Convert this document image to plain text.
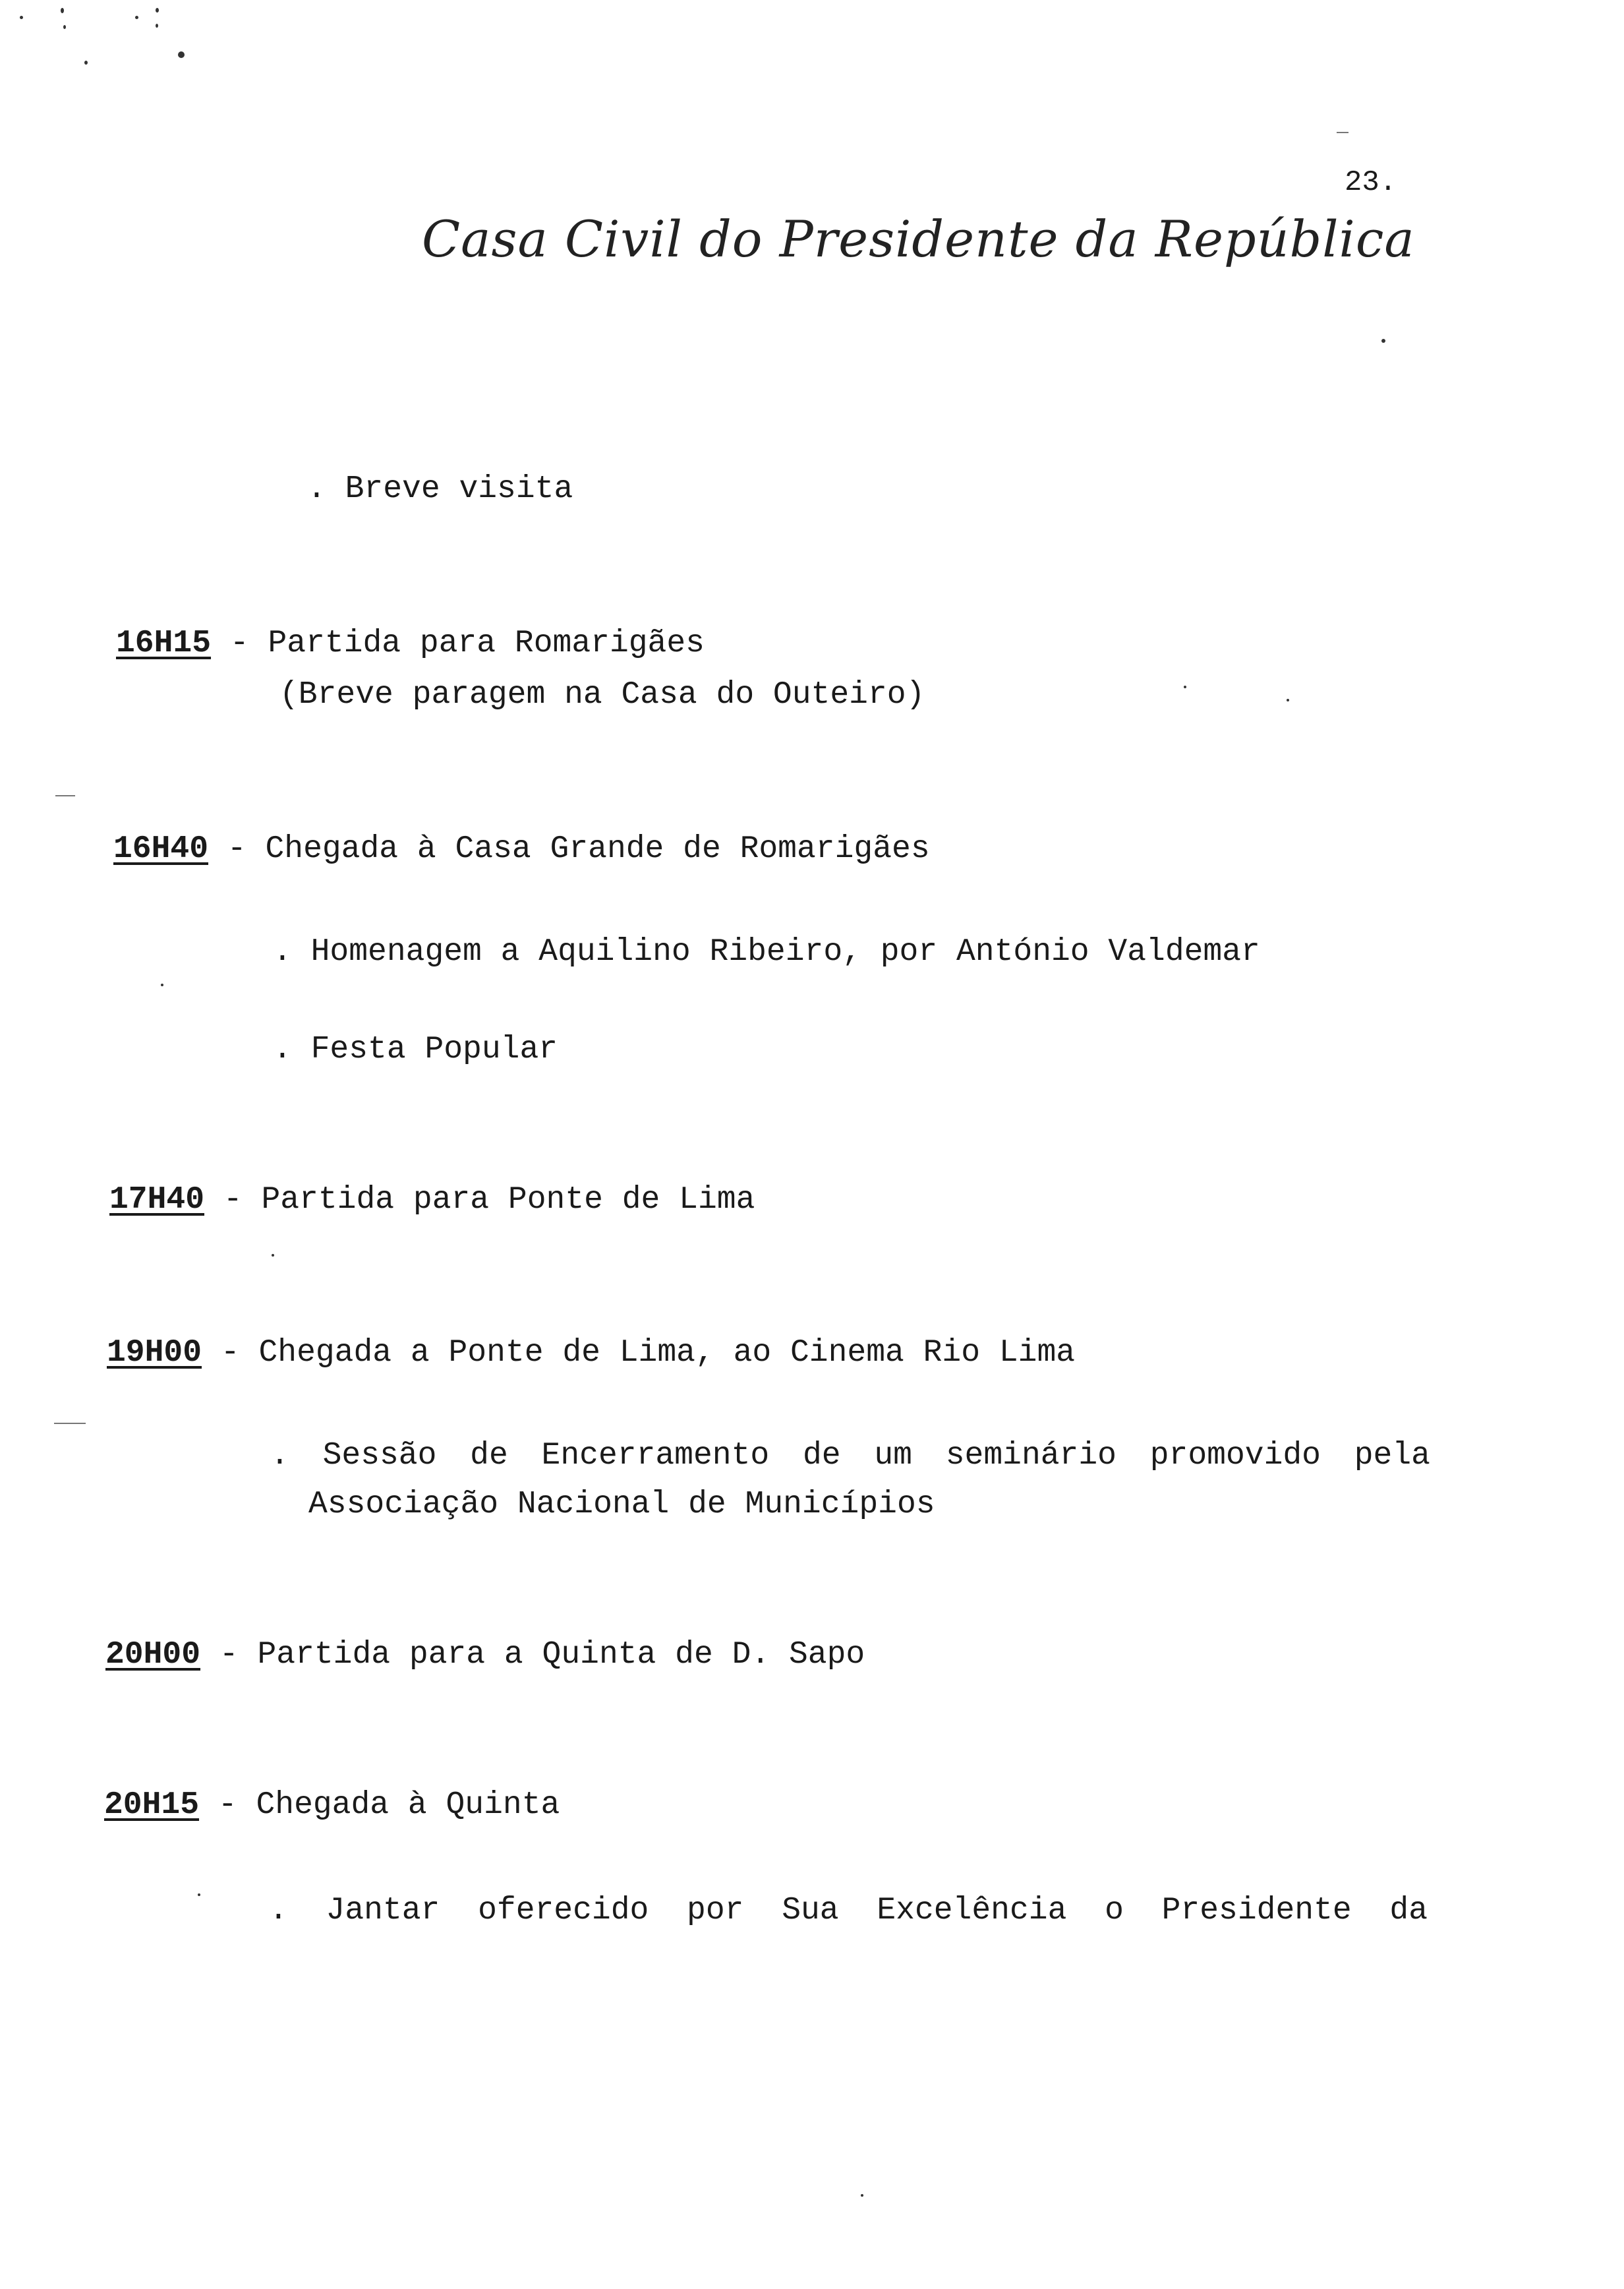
23.
Casa Civil do Presidente da República
. Breve visita
16H15 - Partida para Romarigães
(Breve paragem na Casa do Outeiro)
16H40 - Chegada à Casa Grande de Romarigães
. Homenagem a Aquilino Ribeiro, por António Valdemar
. Festa Popular
17H40 - Partida para Ponte de Lima
19H00 - Chegada a Ponte de Lima, ao Cinema Rio Lima
. Sessão de Encerramento de um seminário promovido pela
Associação Nacional de Municípios
20H00 - Partida para a Quinta de D. Sapo
20H15 - Chegada à Quinta
. Jantar oferecido por Sua Excelência o Presidente da
